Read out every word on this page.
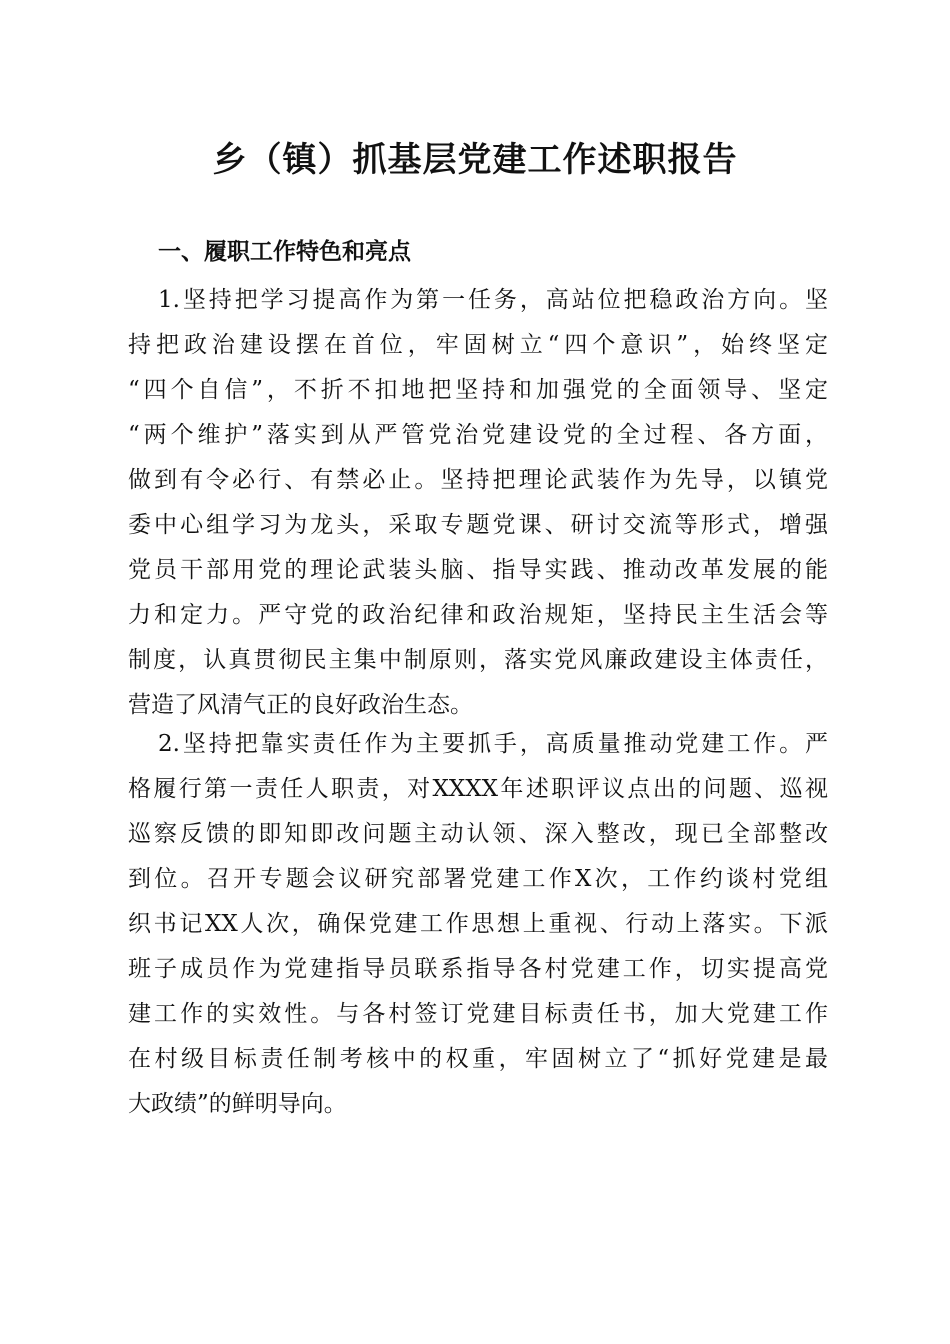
乡（镇）抓基层党建工作述职报告
一、履职工作特色和亮点
1.坚持把学习提高作为第一任务，高站位把稳政治方向。坚
持把政治建设摆在首位，牢固树立“四个意识”，始终坚定
“四个自信”，不折不扣地把坚持和加强党的全面领导、坚定
“两个维护”落实到从严管党治党建设党的全过程、各方面，
做到有令必行、有禁必止。坚持把理论武装作为先导，以镇党
委中心组学习为龙头，采取专题党课、研讨交流等形式，增强
党员干部用党的理论武装头脑、指导实践、推动改革发展的能
力和定力。严守党的政治纪律和政治规矩，坚持民主生活会等
制度，认真贯彻民主集中制原则，落实党风廉政建设主体责任，
营造了风清气正的良好政治生态。
2.坚持把靠实责任作为主要抓手，高质量推动党建工作。严
格履行第一责任人职责，对XXXX年述职评议点出的问题、巡视
巡察反馈的即知即改问题主动认领、深入整改，现已全部整改
到位。召开专题会议研究部署党建工作X次，工作约谈村党组
织书记XX人次，确保党建工作思想上重视、行动上落实。下派
班子成员作为党建指导员联系指导各村党建工作，切实提高党
建工作的实效性。与各村签订党建目标责任书，加大党建工作
在村级目标责任制考核中的权重，牢固树立了“抓好党建是最
大政绩”的鲜明导向。
